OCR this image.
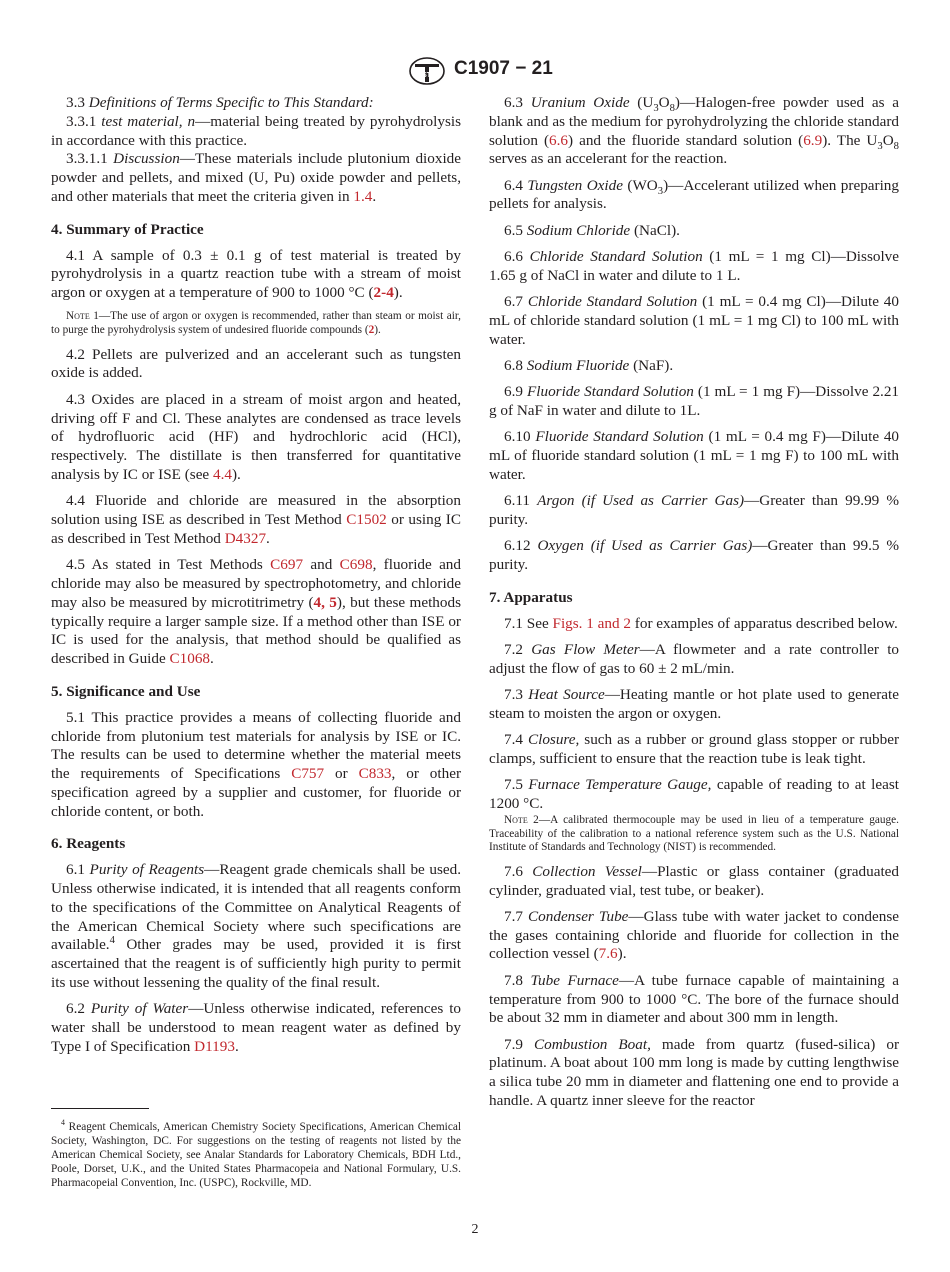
ASTM C1907 − 21

3.3 Definitions of Terms Specific to This Standard:

3.3.1 test material, n—material being treated by pyrohydrolysis in accordance with this practice.

3.3.1.1 Discussion—These materials include plutonium dioxide powder and pellets, and mixed (U, Pu) oxide powder and pellets, and other materials that meet the criteria given in 1.4.

4. Summary of Practice

4.1 A sample of 0.3 ± 0.1 g of test material is treated by pyrohydrolysis in a quartz reaction tube with a stream of moist argon or oxygen at a temperature of 900 to 1000 °C (2-4).

Note 1—The use of argon or oxygen is recommended, rather than steam or moist air, to purge the pyrohydrolysis system of undesired fluoride compounds (2).

4.2 Pellets are pulverized and an accelerant such as tungsten oxide is added.

4.3 Oxides are placed in a stream of moist argon and heated, driving off F and Cl. These analytes are condensed as trace levels of hydrofluoric acid (HF) and hydrochloric acid (HCl), respectively. The distillate is then transferred for quantitative analysis by IC or ISE (see 4.4).

4.4 Fluoride and chloride are measured in the absorption solution using ISE as described in Test Method C1502 or using IC as described in Test Method D4327.

4.5 As stated in Test Methods C697 and C698, fluoride and chloride may also be measured by spectrophotometry, and chloride may also be measured by microtitrimetry (4, 5), but these methods typically require a larger sample size. If a method other than ISE or IC is used for the analysis, that method should be qualified as described in Guide C1068.

5. Significance and Use

5.1 This practice provides a means of collecting fluoride and chloride from plutonium test materials for analysis by ISE or IC. The results can be used to determine whether the material meets the requirements of Specifications C757 or C833, or other specification agreed by a supplier and customer, for fluoride or chloride content, or both.

6. Reagents

6.1 Purity of Reagents—Reagent grade chemicals shall be used. Unless otherwise indicated, it is intended that all reagents conform to the specifications of the Committee on Analytical Reagents of the American Chemical Society where such specifications are available.$^4$ Other grades may be used, provided it is first ascertained that the reagent is of sufficiently high purity to permit its use without lessening the quality of the final result.

6.2 Purity of Water—Unless otherwise indicated, references to water shall be understood to mean reagent water as defined by Type I of Specification D1193.

$^4$ Reagent Chemicals, American Chemistry Society Specifications, American Chemical Society, Washington, DC. For suggestions on the testing of reagents not listed by the American Chemical Society, see Analar Standards for Laboratory Chemicals, BDH Ltd., Poole, Dorset, U.K., and the United States Pharmacopeia and National Formulary, U.S. Pharmacopeial Convention, Inc. (USPC), Rockville, MD.

6.3 Uranium Oxide $(U_3O_8)—Halogen$-free powder used as a blank and as the medium for pyrohydrolyzing the chloride standard solution (6.6) and the fluoride standard solution (6.9). The $U_3O_8$ serves as an accelerant for the reaction.

6.4 Tungsten Oxide $(WO_3)—Accelerant$ utilized when preparing pellets for analysis.

6.5 Sodium Chloride (NaCl).

6.6 Chloride Standard Solution (1 mL = 1 mg Cl)—Dissolve 1.65 g of NaCl in water and dilute to 1 L.

6.7 Chloride Standard Solution (1 mL = 0.4 mg Cl)—Dilute 40 mL of chloride standard solution (1 mL = 1 mg Cl) to 100 mL with water.

6.8 Sodium Fluoride (NaF).

6.9 Fluoride Standard Solution (1 mL = 1 mg F)—Dissolve 2.21 g of NaF in water and dilute to 1L.

6.10 Fluoride Standard Solution (1 mL = 0.4 mg F)—Dilute 40 mL of fluoride standard solution (1 mL = 1 mg F) to 100 mL with water.

6.11 Argon (if Used as Carrier Gas)—Greater than 99.99 % purity.

6.12 Oxygen (if Used as Carrier Gas)—Greater than 99.5 % purity.

7. Apparatus

7.1 See Figs. 1 and 2 for examples of apparatus described below.

7.2 Gas Flow Meter—A flowmeter and a rate controller to adjust the flow of gas to 60 ± 2 mL/min.

7.3 Heat Source—Heating mantle or hot plate used to generate steam to moisten the argon or oxygen.

7.4 Closure, such as a rubber or ground glass stopper or rubber clamps, sufficient to ensure that the reaction tube is leak tight.

7.5 Furnace Temperature Gauge, capable of reading to at least 1200 °C.

Note 2—A calibrated thermocouple may be used in lieu of a temperature gauge. Traceability of the calibration to a national reference system such as the U.S. National Institute of Standards and Technology (NIST) is recommended.

7.6 Collection Vessel—Plastic or glass container (graduated cylinder, graduated vial, test tube, or beaker).

7.7 Condenser Tube—Glass tube with water jacket to condense the gases containing chloride and fluoride for collection in the collection vessel (7.6).

7.8 Tube Furnace—A tube furnace capable of maintaining a temperature from 900 to 1000 °C. The bore of the furnace should be about 32 mm in diameter and about 300 mm in length.

7.9 Combustion Boat, made from quartz (fused-silica) or platinum. A boat about 100 mm long is made by cutting lengthwise a silica tube 20 mm in diameter and flattening one end to provide a handle. A quartz inner sleeve for the reactor

2
